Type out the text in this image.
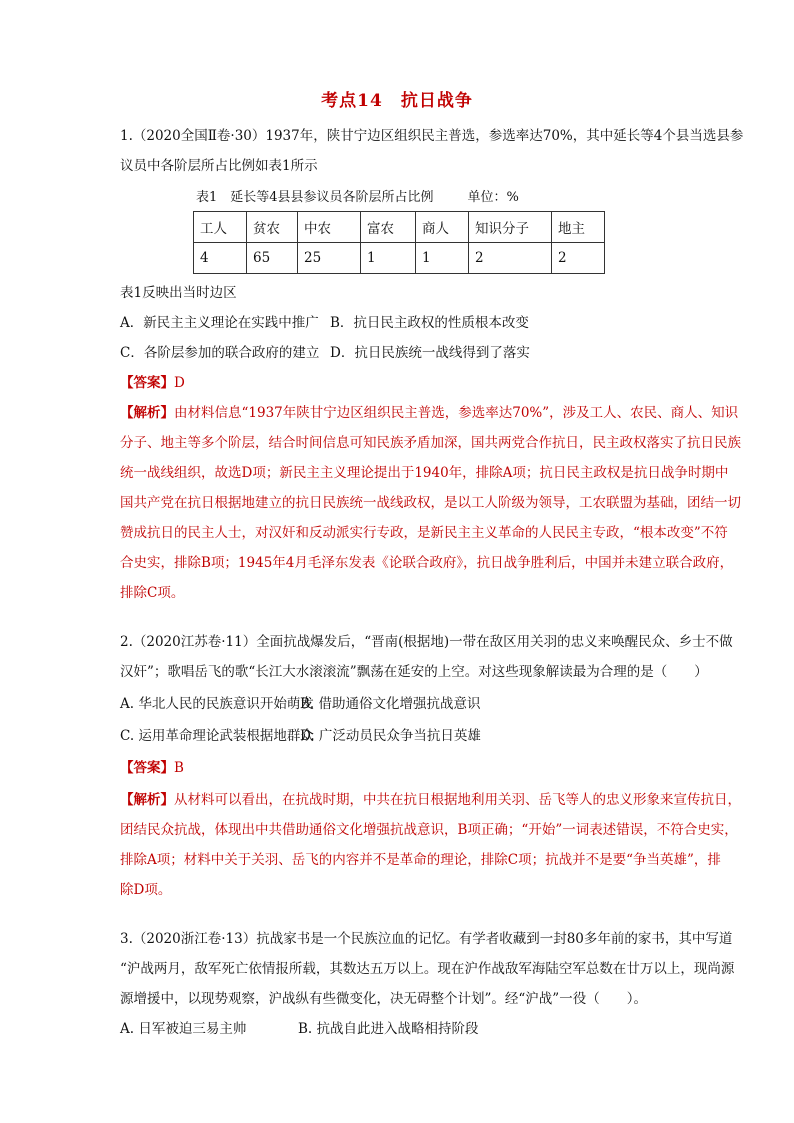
考点14 抗日战争
1.（2020全国Ⅱ卷·30）1937年，陕甘宁边区组织民主普选，参选率达70%，其中延长等4个县当选县参
议员中各阶层所占比例如表1所示
表1　延长等4县县参议员各阶层所占比例	单位：%
工人	贫农	中农	富农	商人	知识分子	地主
4	65	25	1	1	2	2
表1反映出当时边区
A．新民主主义理论在实践中推广 B．抗日民主政权的性质根本改变
C．各阶层参加的联合政府的建立 D．抗日民族统一战线得到了落实
【答案】D
【解析】由材料信息“1937年陕甘宁边区组织民主普选，参选率达70%”，涉及工人、农民、商人、知识
分子、地主等多个阶层，结合时间信息可知民族矛盾加深，国共两党合作抗日，民主政权落实了抗日民族
统一战线组织，故选D项；新民主主义理论提出于1940年，排除A项；抗日民主政权是抗日战争时期中
国共产党在抗日根据地建立的抗日民族统一战线政权，是以工人阶级为领导，工农联盟为基础，团结一切
赞成抗日的民主人士，对汉奸和反动派实行专政，是新民主主义革命的人民民主专政，“根本改变”不符
合史实，排除B项；1945年4月毛泽东发表《论联合政府》，抗日战争胜利后，中国并未建立联合政府，
排除C项。
2.（2020江苏卷·11）全面抗战爆发后，“晋南(根据地)一带在敌区用关羽的忠义来唤醒民众、乡士不做
汉奸”；歌唱岳飞的歌“长江大水滚滚流”飘荡在延安的上空。对这些现象解读最为合理的是（　　）
A. 华北人民的民族意识开始萌发
B. 借助通俗文化增强抗战意识
C. 运用革命理论武装根据地群众
D. 广泛动员民众争当抗日英雄
【答案】B
【解析】从材料可以看出，在抗战时期，中共在抗日根据地利用关羽、岳飞等人的忠义形象来宣传抗日，
团结民众抗战，体现出中共借助通俗文化增强抗战意识，B项正确；“开始”一词表述错误，不符合史实，
排除A项；材料中关于关羽、岳飞的内容并不是革命的理论，排除C项；抗战并不是要“争当英雄”，排
除D项。
3.（2020浙江卷·13）抗战家书是一个民族泣血的记忆。有学者收藏到一封80多年前的家书，其中写道
“沪战两月，敌军死亡依情报所载，其数达五万以上。现在沪作战敌军海陆空军总数在廿万以上，现尚源
源增援中，以现势观察，沪战纵有些微变化，决无碍整个计划”。经“沪战”一役（　　）。
A. 日军被迫三易主帅	B. 抗战自此进入战略相持阶段
